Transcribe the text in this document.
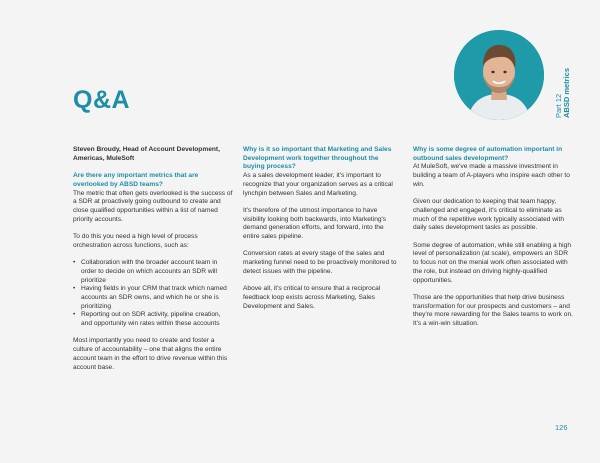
Q&A	Part 12 ABSD metrics

Steven Broudy, Head of Account Development, Americas, MuleSoft

Are there any important metrics that are overlooked by ABSD teams?

The metric that often gets overlooked is the success of a SDR at proactively going outbound to create and close qualified opportunities within a list of named priority accounts.

To do this you need a high level of process orchestration across functions, such as:

• Collaboration with the broader account team in order to decide on which accounts an SDR will prioritize
• Having fields in your CRM that track which named accounts an SDR owns, and which he or she is prioritizing
• Reporting out on SDR activity, pipeline creation, and opportunity win rates within these accounts

Most importantly you need to create and foster a culture of accountability – one that aligns the entire account team in the effort to drive revenue within this account base.

Why is it so important that Marketing and Sales Development work together throughout the buying process?

As a sales development leader, it's important to recognize that your organization serves as a critical lynchpin between Sales and Marketing.

It's therefore of the utmost importance to have visibility looking both backwards, into Marketing's demand generation efforts, and forward, into the entire sales pipeline.

Conversion rates at every stage of the sales and marketing funnel need to be proactively monitored to detect issues with the pipeline.

Above all, it's critical to ensure that a reciprocal feedback loop exists across Marketing, Sales Development and Sales.

Why is some degree of automation important in outbound sales development?

At MuleSoft, we've made a massive investment in building a team of A-players who inspire each other to win.

Given our dedication to keeping that team happy, challenged and engaged, it's critical to eliminate as much of the repetitive work typically associated with daily sales development tasks as possible.

Some degree of automation, while still enabling a high level of personalization (at scale), empowers an SDR to focus not on the menial work often associated with the role, but instead on driving highly-qualified opportunities.

Those are the opportunities that help drive business transformation for our prospects and customers – and they're more rewarding for the Sales teams to work on. It's a win-win situation.

126
